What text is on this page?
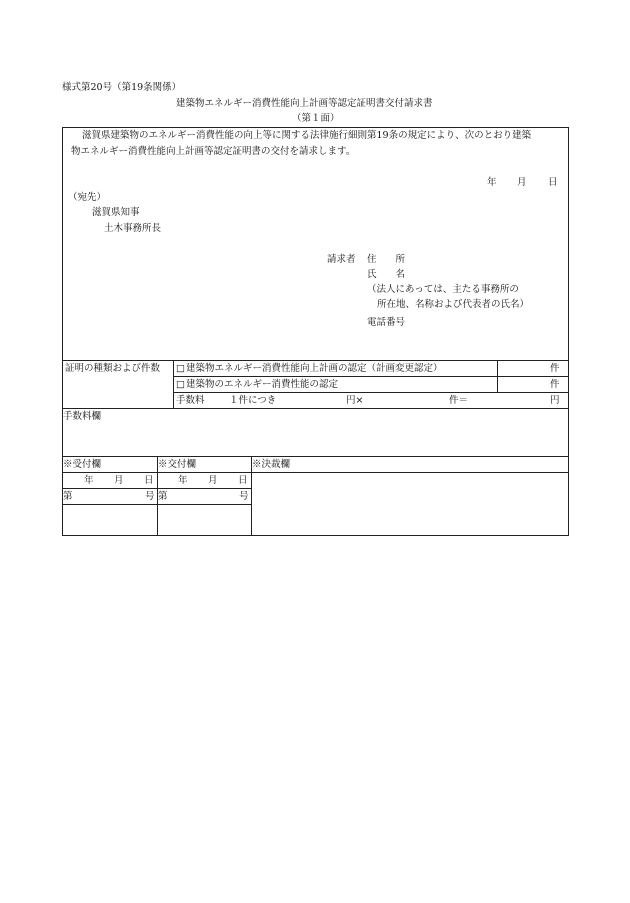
様式第20号（第19条関係）
建築物エネルギー消費性能向上計画等認定証明書交付請求書
（第１面）
滋賀県建築物のエネルギー消費性能の向上等に関する法律施行細則第19条の規定により、次のとおり建築
物エネルギー消費性能向上計画等認定証明書の交付を請求します。
年 月 日
（宛先）
滋賀県知事
土木事務所長
請求者 住　　所
氏　　名
（法人にあっては、主たる事務所の
所在地、名称および代表者の氏名）
電話番号
証明の種類および件数 □ 建築物エネルギー消費性能向上計画の認定（計画変更認定）	件
□ 建築物のエネルギー消費性能の認定	件
手数料	１件につき	円×	件＝	円
手数料欄
※受付欄	※交付欄	※決裁欄
年 月 日	年 月 日
第	号 第	号
